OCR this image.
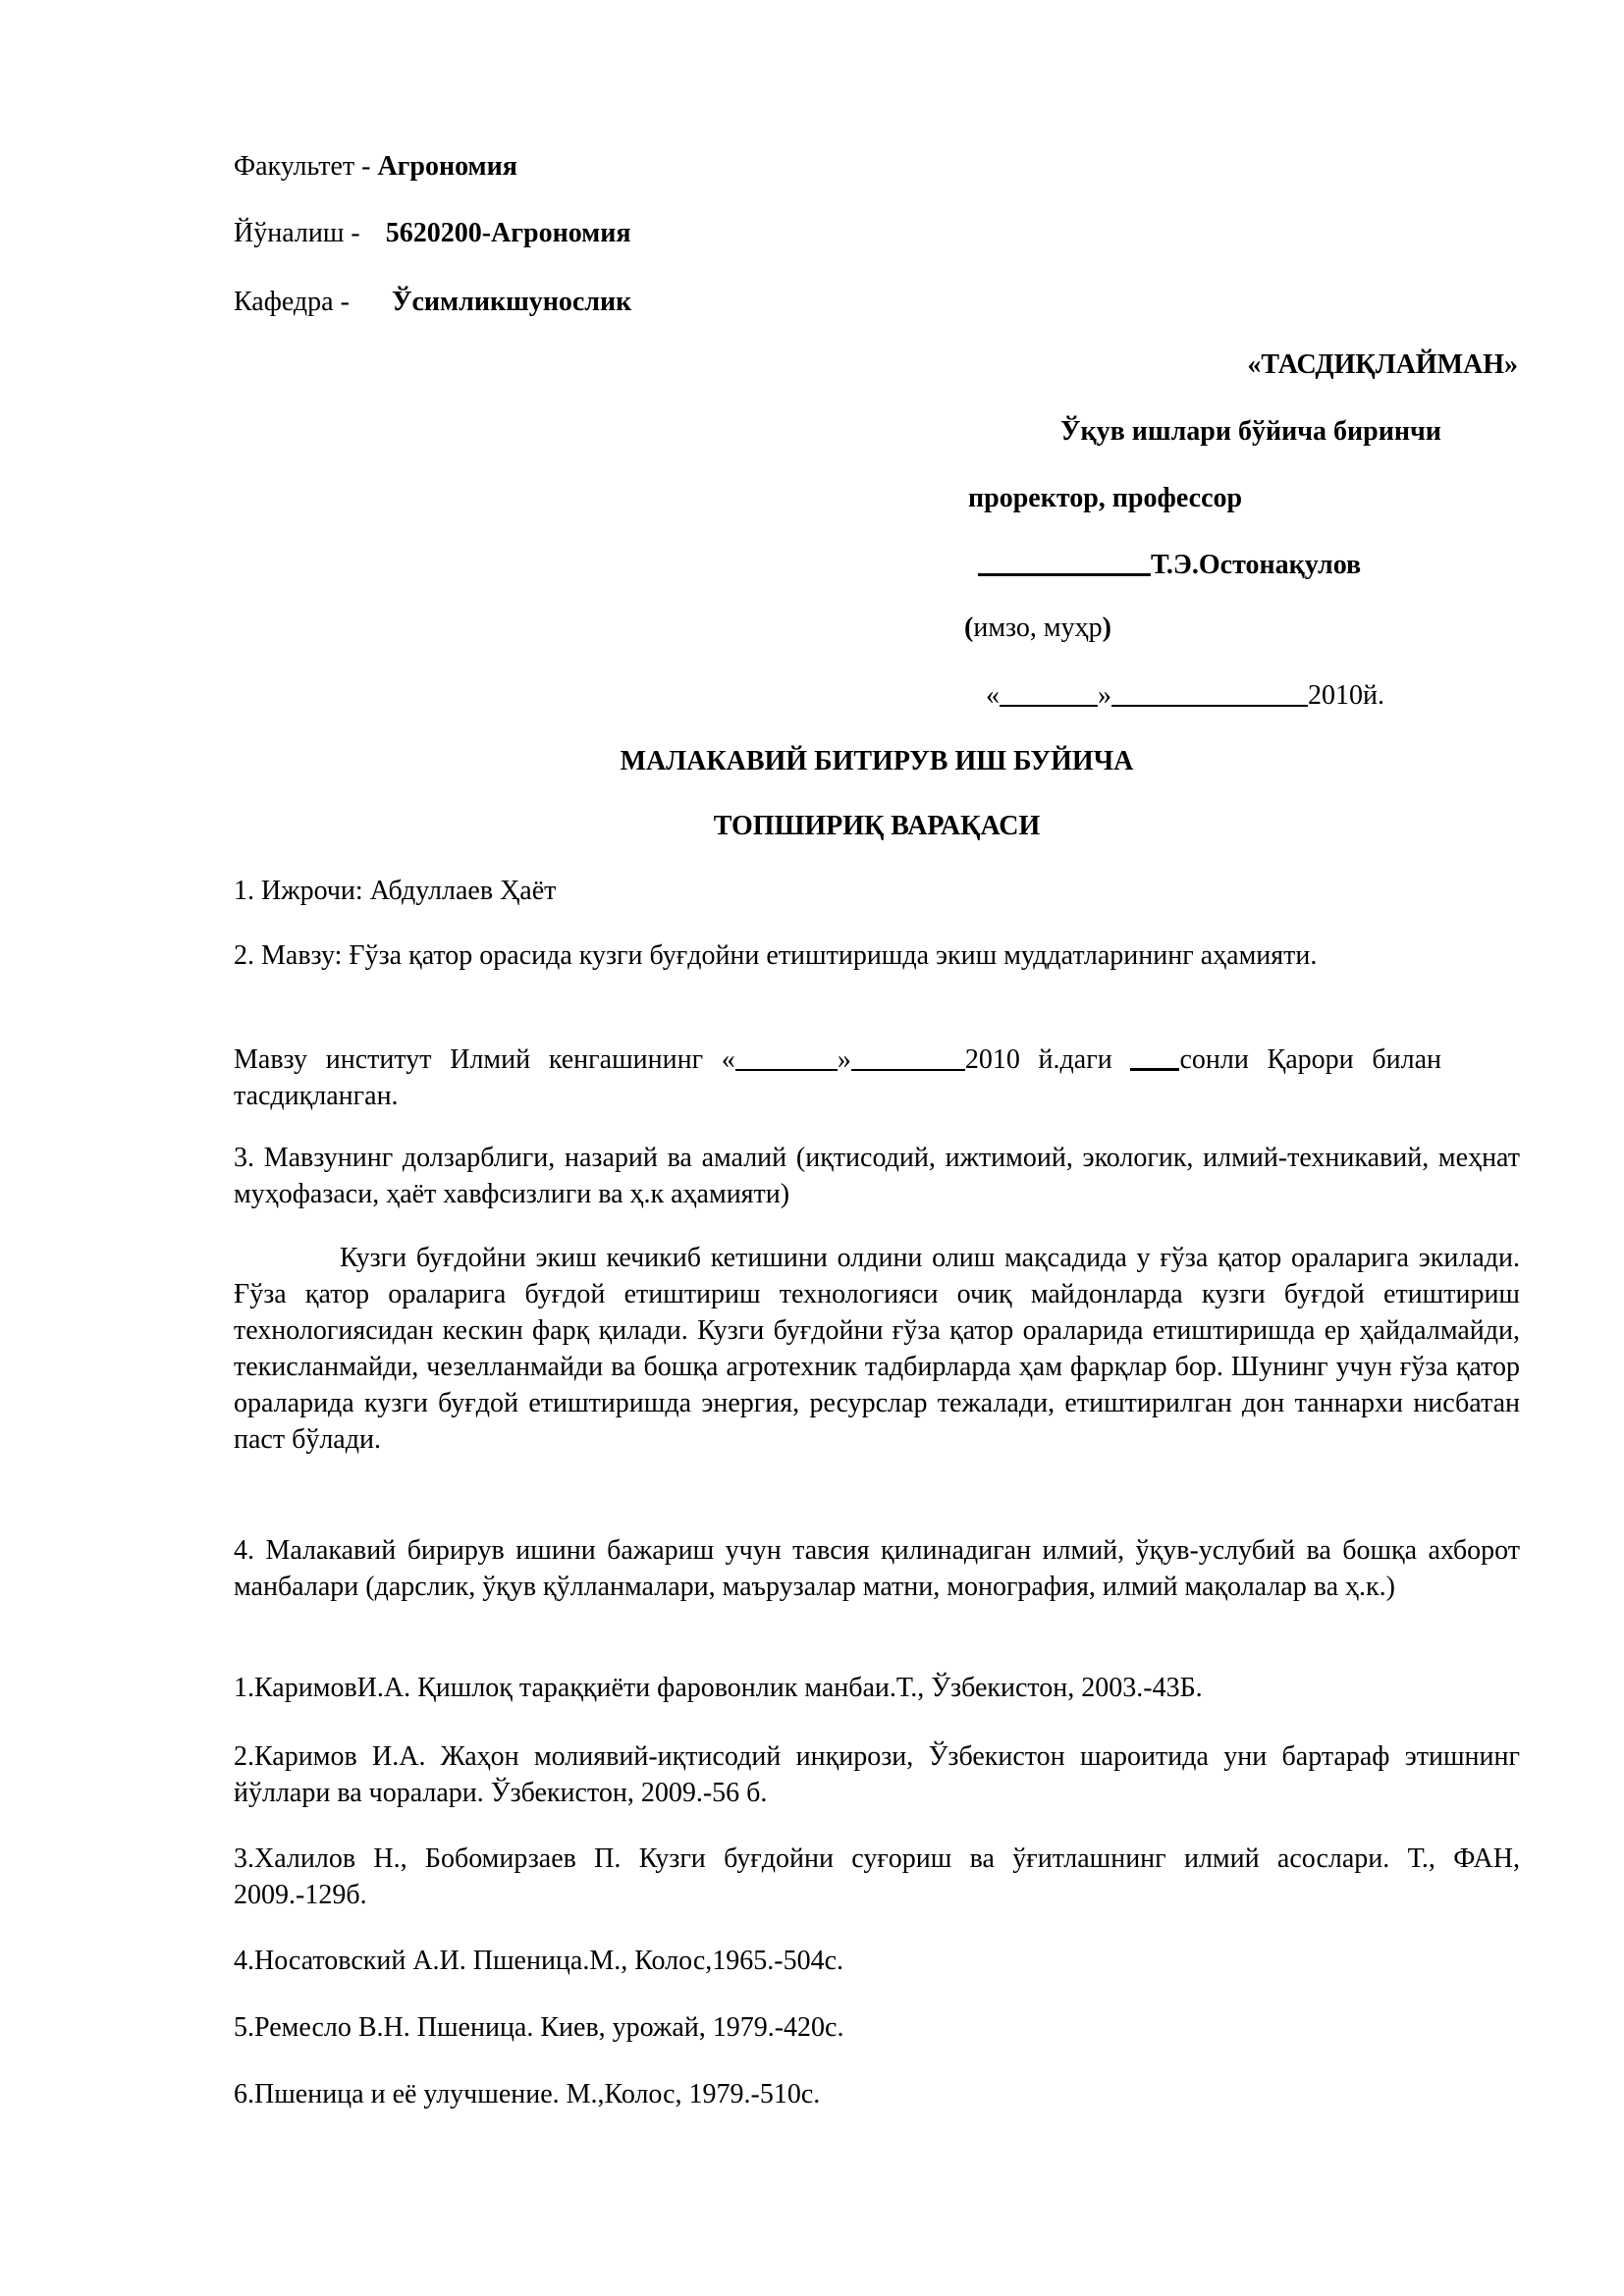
Факультет - Агрономия
Йўналиш -  5620200-Агрономия
Кафедра -   Ўсимликшунослик
«ТАСДИҚЛАЙМАН»
Ўқув ишлари бўйича биринчи
проректор, профессор
Т.Э.Остонақулов
(имзо, муҳр)
«	»	2010й.
МАЛАКАВИЙ БИТИРУВ ИШ БУЙИЧА
ТОПШИРИҚ ВАРАҚАСИ
1. Ижрочи: Абдуллаев Ҳаёт
2. Мавзу: Ғўза қатор орасида кузги буғдойни етиштиришда экиш муддатларининг аҳамияти.
Мавзу институт Илмий кенгашининг «	»	2010 й.даги сонли Қарори билан тасдиқланган.
3. Мавзунинг долзарблиги, назарий ва амалий (иқтисодий, ижтимоий, экологик, илмий-техникавий, меҳнат муҳофазаси, ҳаёт хавфсизлиги ва ҳ.к аҳамияти)
Кузги буғдойни экиш кечикиб кетишини олдини олиш мақсадида у ғўза қатор ораларига экилади. Ғўза қатор ораларига буғдой етиштириш технологияси очиқ майдонларда кузги буғдой етиштириш технологиясидан кескин фарқ қилади. Кузги буғдойни ғўза қатор ораларида етиштиришда ер ҳайдалмайди, текисланмайди, чезелланмайди ва бошқа агротехник тадбирларда ҳам фарқлар бор. Шунинг учун ғўза қатор ораларида кузги буғдой етиштиришда энергия, ресурслар тежалади, етиштирилган дон таннархи нисбатан паст бўлади.
4. Малакавий бирирув ишини бажариш учун тавсия қилинадиган илмий, ўқув-услубий ва бошқа ахборот манбалари (дарслик, ўқув қўлланмалари, маърузалар матни, монография, илмий мақолалар ва ҳ.к.)
1.КаримовИ.А. Қишлоқ тараққиёти фаровонлик манбаи.Т., Ўзбекистон, 2003.-43Б.
2.Каримов И.А. Жаҳон молиявий-иқтисодий инқирози, Ўзбекистон шароитида уни бартараф этишнинг йўллари ва чоралари. Ўзбекистон, 2009.-56 б.
3.Халилов Н., Бобомирзаев П. Кузги буғдойни суғориш ва ўғитлашнинг илмий асослари. Т., ФАН, 2009.-129б.
4.Носатовский А.И. Пшеница.М., Колос,1965.-504с.
5.Ремесло В.Н. Пшеница. Киев, урожай, 1979.-420с.
6.Пшеница и её улучшение. М.,Колос, 1979.-510с.
